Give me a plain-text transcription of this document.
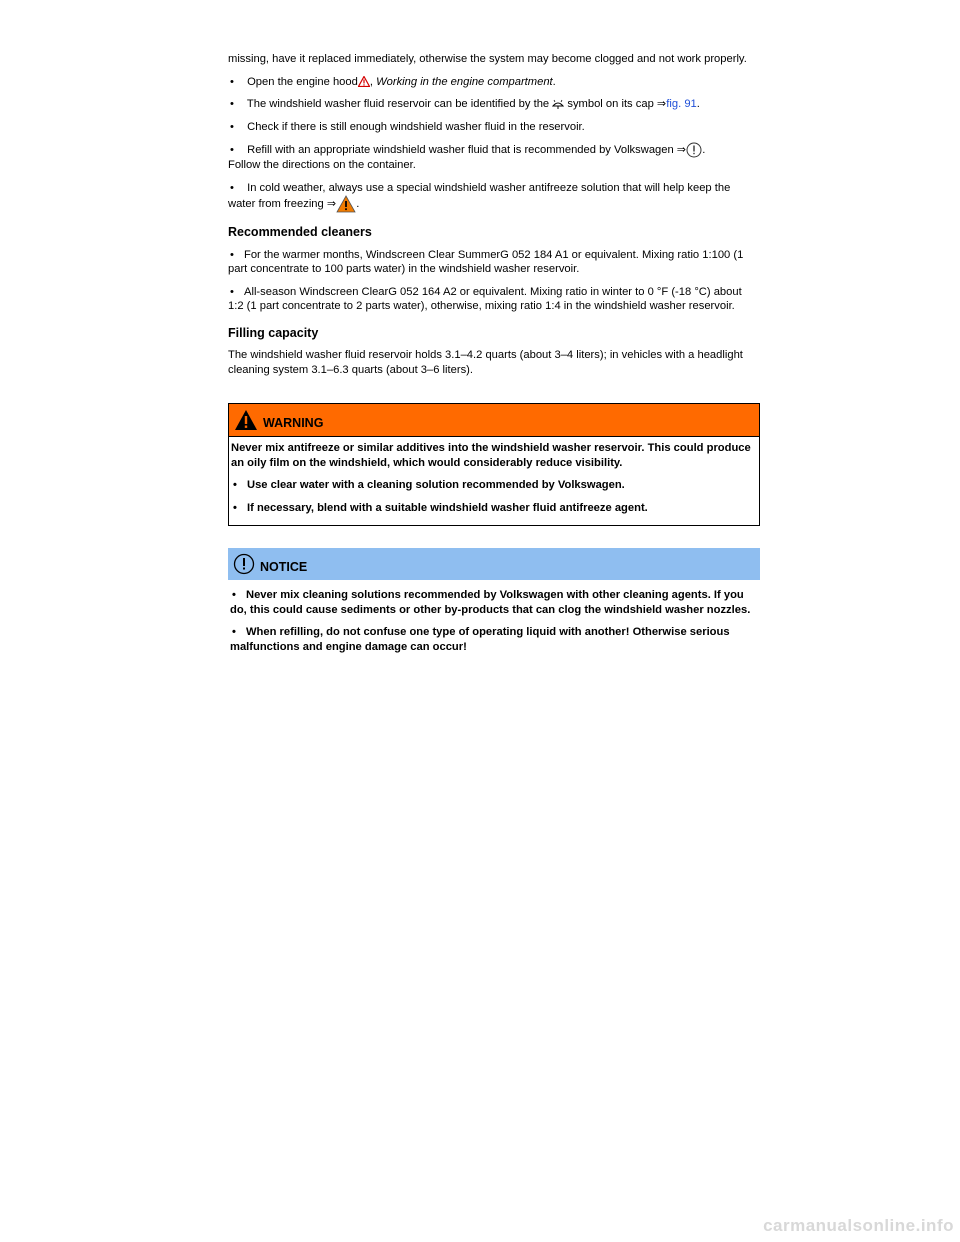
missing, have it replaced immediately, otherwise the system may become clogged and not work properly.

• Open the engine hood , Working in the engine compartment.
• The windshield washer fluid reservoir can be identified by the  symbol on its cap ⇒fig. 91.
• Check if there is still enough windshield washer fluid in the reservoir.
• Refill with an appropriate windshield washer fluid that is recommended by Volkswagen ⇒ .
Follow the directions on the container.
• In cold weather, always use a special windshield washer antifreeze solution that will help keep the water from freezing ⇒ .
Recommended cleaners
• For the warmer months, Windscreen Clear SummerG 052 184 A1 or equivalent. Mixing ratio 1:100 (1 part concentrate to 100 parts water) in the windshield washer reservoir.
• All-season Windscreen ClearG 052 164 A2 or equivalent. Mixing ratio in winter to 0 °F (-18 °C) about 1:2 (1 part concentrate to 2 parts water), otherwise, mixing ratio 1:4 in the windshield washer reservoir.
Filling capacity

The windshield washer fluid reservoir holds 3.1–4.2 quarts (about 3–4 liters); in vehicles with a headlight cleaning system 3.1–6.3 quarts (about 3–6 liters).

WARNING

Never mix antifreeze or similar additives into the windshield washer reservoir. This could produce an oily film on the windshield, which would considerably reduce visibility.

• Use clear water with a cleaning solution recommended by Volkswagen.
• If necessary, blend with a suitable windshield washer fluid antifreeze agent.
NOTICE
• Never mix cleaning solutions recommended by Volkswagen with other cleaning agents. If you do, this could cause sediments or other by-products that can clog the windshield washer nozzles.
• When refilling, do not confuse one type of operating liquid with another! Otherwise serious malfunctions and engine damage can occur!
carmanualsonline.info
